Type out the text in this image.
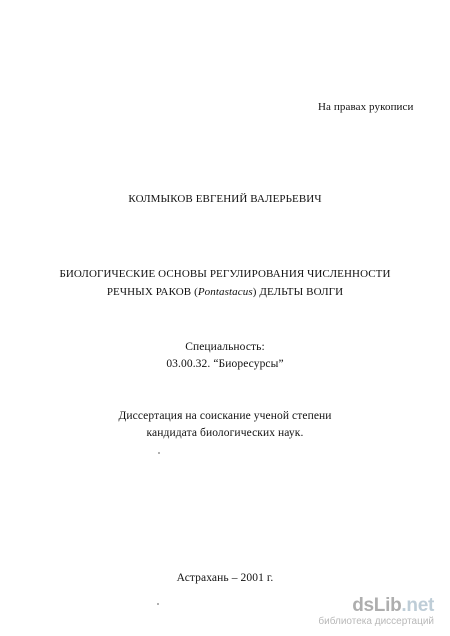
На правах рукописи
КОЛМЫКОВ ЕВГЕНИЙ ВАЛЕРЬЕВИЧ
БИОЛОГИЧЕСКИЕ ОСНОВЫ РЕГУЛИРОВАНИЯ ЧИСЛЕННОСТИ
РЕЧНЫХ РАКОВ (Pontastacus) ДЕЛЬТЫ ВОЛГИ
Специальность:
03.00.32. “Биоресурсы”
Диссертация на соискание ученой степени
кандидата биологических наук.
Астрахань – 2001 г.
dsLib.net
библиотека диссертаций
